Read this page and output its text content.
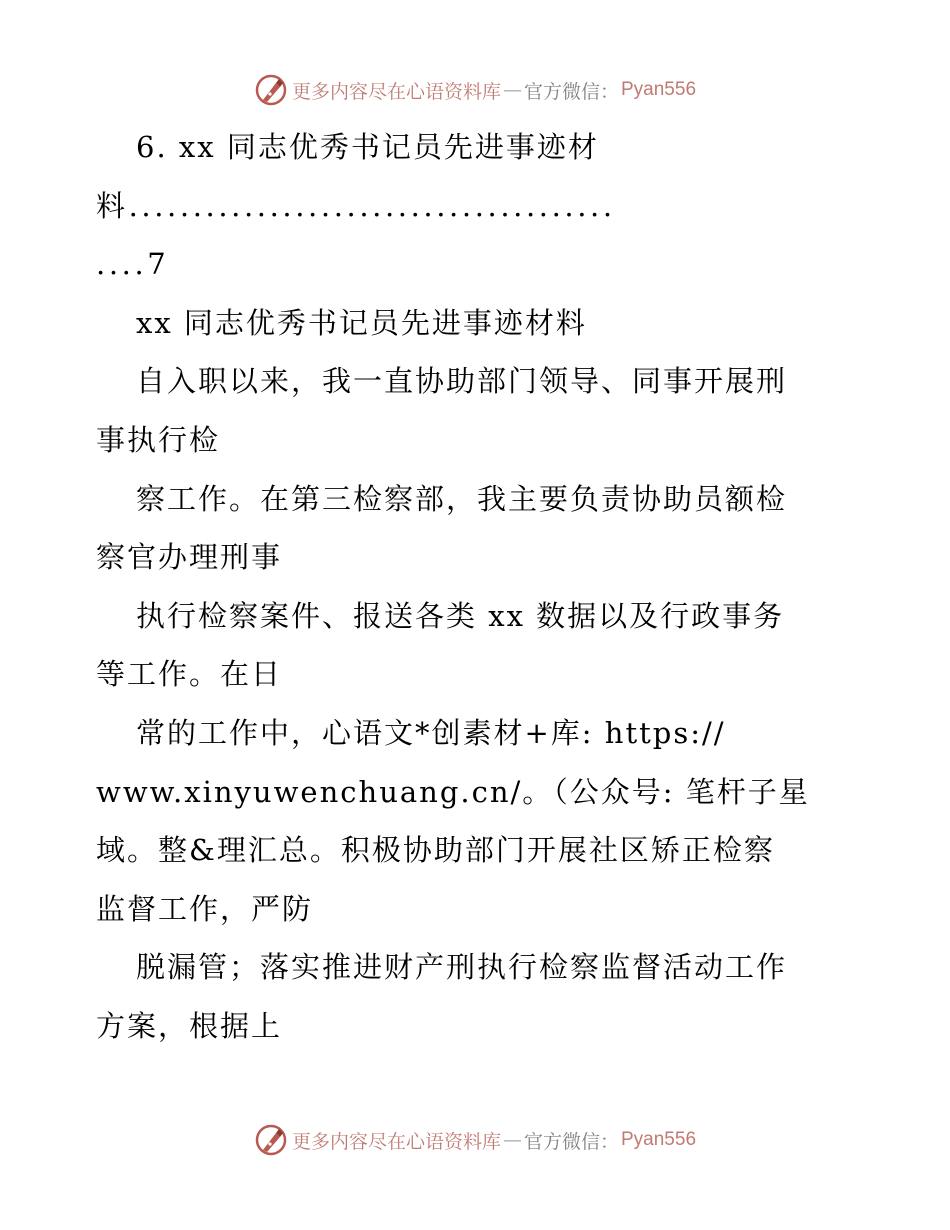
更多内容尽在心语资料库 — 官方微信： Pyan556
6. xx 同志优秀书记员先进事迹材
料......................................
....7
xx 同志优秀书记员先进事迹材料
自入职以来，我一直协助部门领导、同事开展刑
事执行检
察工作。在第三检察部，我主要负责协助员额检
察官办理刑事
执行检察案件、报送各类 xx 数据以及行政事务
等工作。在日
常的工作中，心语文*创素材+库: https://
www.xinyuwenchuang.cn/。（公众号: 笔杆子星
域。整&理汇总。积极协助部门开展社区矫正检察
监督工作，严防
脱漏管；落实推进财产刑执行检察监督活动工作
方案，根据上
更多内容尽在心语资料库 — 官方微信： Pyan556
